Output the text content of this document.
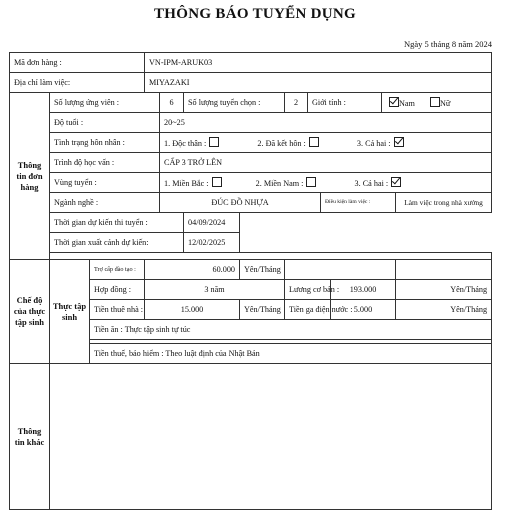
THÔNG BÁO TUYỂN DỤNG
Ngày 5 tháng 8 năm 2024
Mã đơn hàng :			VN-IPM-ARUK03									
Địa chỉ làm việc:			MIYAZAKI									
Thông tin đơn hàng	Số lượng ứng viên :			6	Số lượng tuyển chọn :		2	Giới tính :			Nam Nữ	
	Độ tuổi :			20~25								
	Tình trạng hôn nhân :			1. Độc thân : 2. Đã kết hôn : 3. Cả hai :								
	Trình độ học vấn :			CẤP 3 TRỞ LÊN								
	Vùng tuyển :			1. Miền Bắc : 2. Miền Nam : 3. Cả hai :								
	Ngành nghề :			ĐÚC ĐỒ NHỰA					Điều kiện làm việc :			Làm việc trong nhà xưởng
	Thời gian dự kiến thi tuyển :				04/09/2024							
	Thời gian xuất cảnh dự kiến:				12/02/2025							

Chế độ của thực tập sinh	Thực tập sinh	Trợ cấp đào tạo :	60.000			Yên/Tháng						
		Hợp đồng :	3 năm				Lương cơ bản :			193.000		Yên/Tháng
		Tiền thuê nhà :	15.000			Yên/Tháng	Tiền ga điện nước :			5.000		Yên/Tháng
		Tiền ăn : Thực tập sinh tự túc										

		Tiền thuế, bảo hiểm : Theo luật định của Nhật Bản										
Thông tin khác												
